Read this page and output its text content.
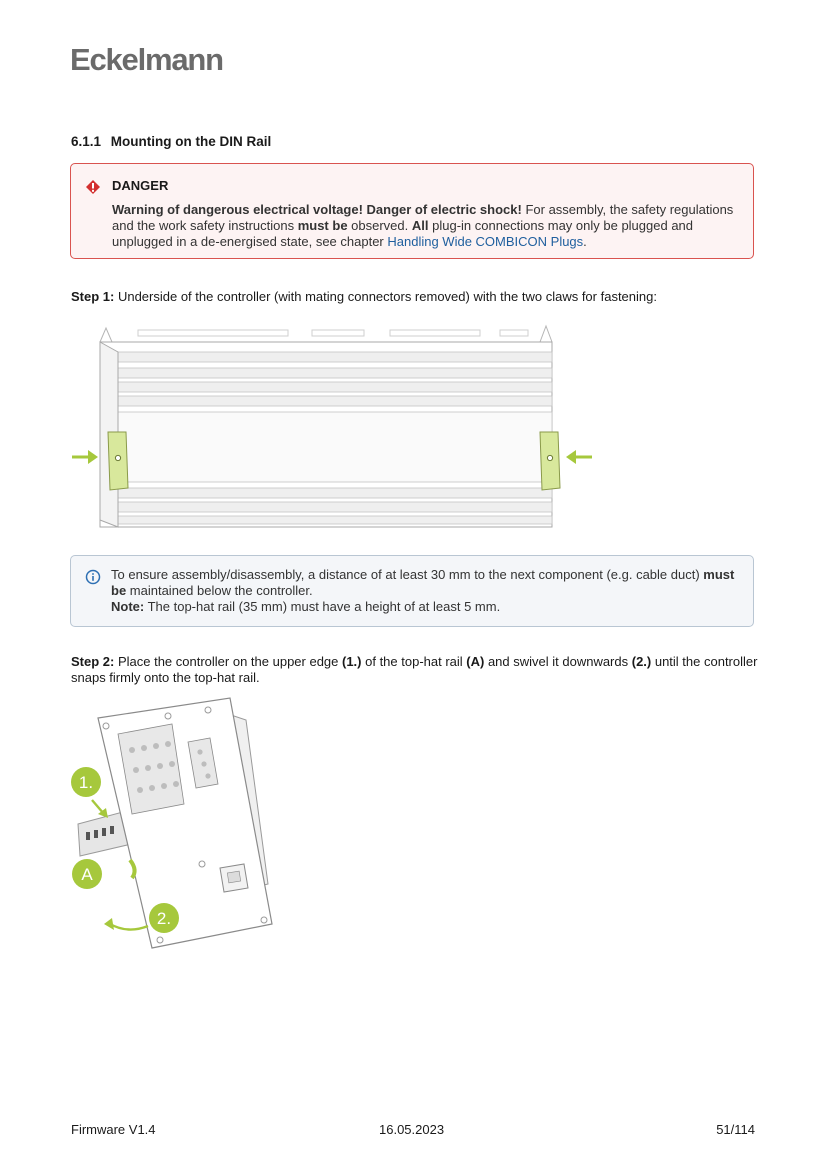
Eckelmann
6.1.1 Mounting on the DIN Rail
DANGER
Warning of dangerous electrical voltage! Danger of electric shock! For assembly, the safety regulations and the work safety instructions must be observed. All plug-in connections may only be plugged and unplugged in a de-energised state, see chapter Handling Wide COMBICON Plugs.
Step 1: Underside of the controller (with mating connectors removed) with the two claws for fastening:
To ensure assembly/disassembly, a distance of at least 30 mm to the next component (e.g. cable duct) must be maintained below the controller.
Note: The top-hat rail (35 mm) must have a height of at least 5 mm.
Step 2: Place the controller on the upper edge (1.) of the top-hat rail (A) and swivel it downwards (2.) until the controller snaps firmly onto the top-hat rail.
1.
A
2.
Firmware V1.4	16.05.2023	51/114
